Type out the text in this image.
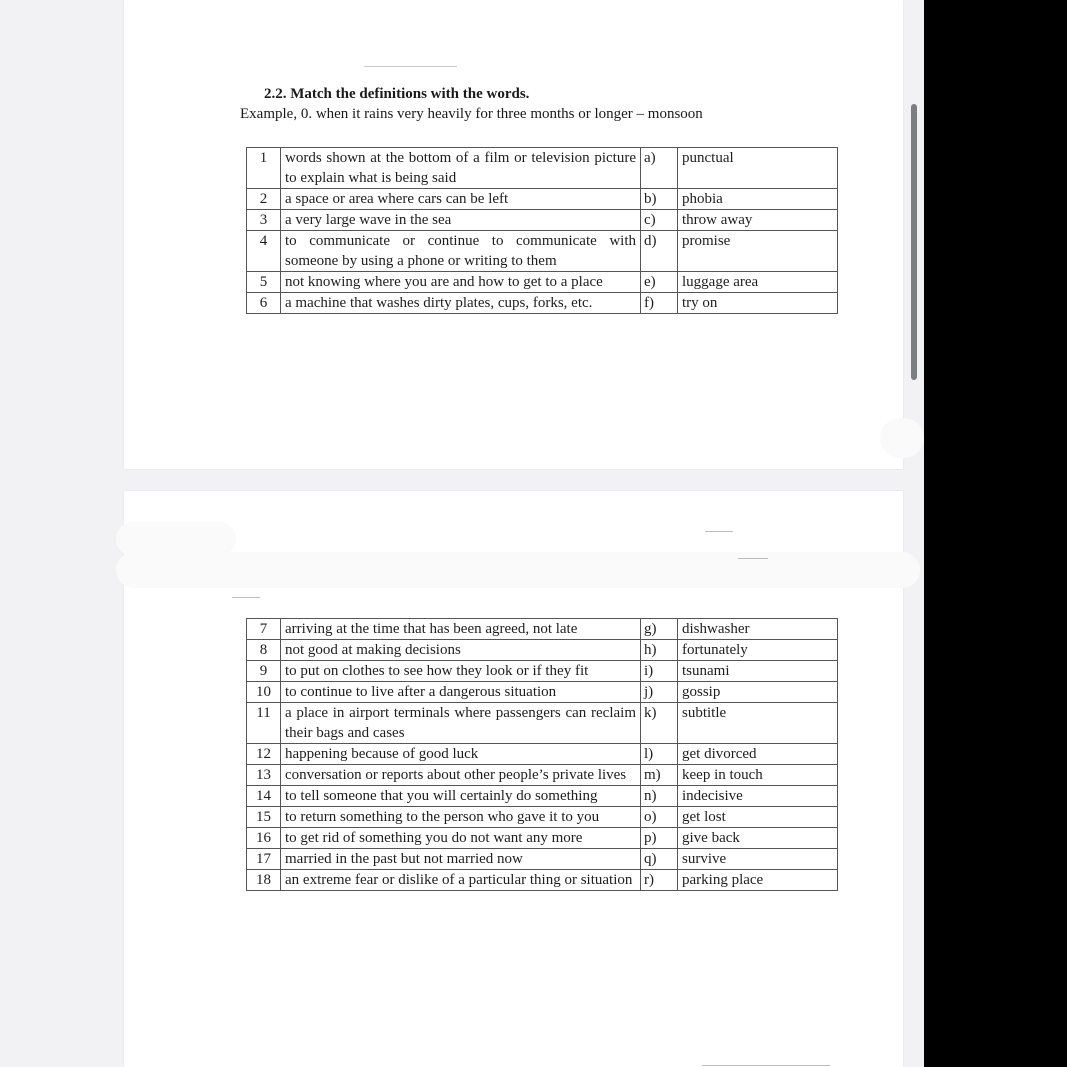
2.2. Match the definitions with the words.
Example, 0. when it rains very heavily for three months or longer – monsoon
1	words shown at the bottom of a film or television picture to explain what is being said	a)	punctual
2	a space or area where cars can be left	b)	phobia
3	a very large wave in the sea	c)	throw away
4	to communicate or continue to communicate with someone by using a phone or writing to them	d)	promise
5	not knowing where you are and how to get to a place	e)	luggage area
6	a machine that washes dirty plates, cups, forks, etc.	f)	try on
7	arriving at the time that has been agreed, not late	g)	dishwasher
8	not good at making decisions	h)	fortunately
9	to put on clothes to see how they look or if they fit	i)	tsunami
10	to continue to live after a dangerous situation	j)	gossip
11	a place in airport terminals where passengers can reclaim their bags and cases	k)	subtitle
12	happening because of good luck	l)	get divorced
13	conversation or reports about other people’s private lives	m)	keep in touch
14	to tell someone that you will certainly do something	n)	indecisive
15	to return something to the person who gave it to you	o)	get lost
16	to get rid of something you do not want any more	p)	give back
17	married in the past but not married now	q)	survive
18	an extreme fear or dislike of a particular thing or situation	r)	parking place
